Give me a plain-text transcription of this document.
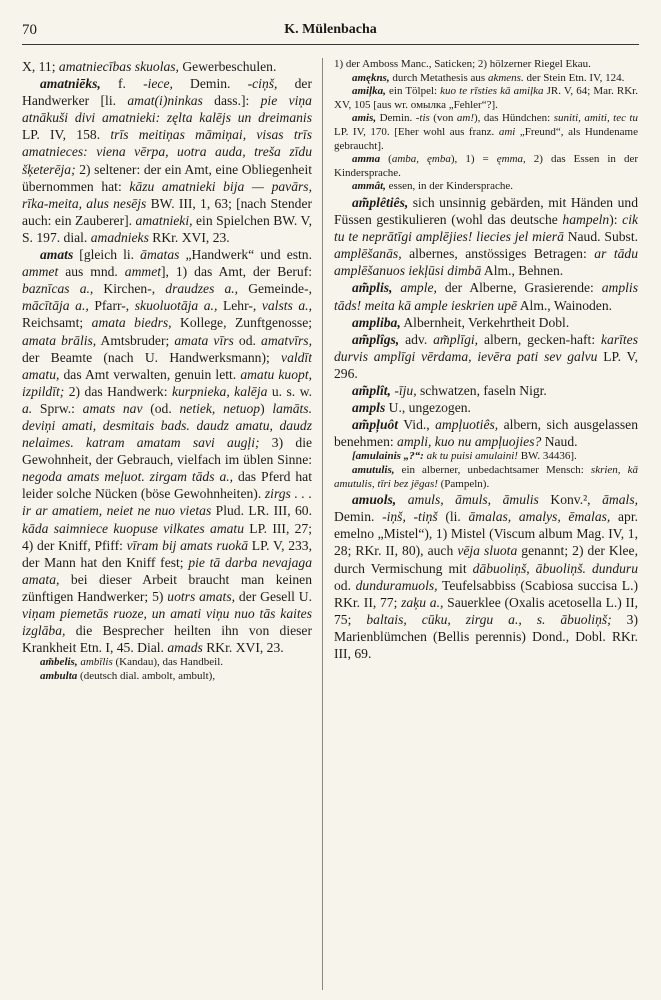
70	K. Mülenbacha

X, 11; amatniecības skuolas, Gewerbeschulen.

amatniēks, f. -iece, Demin. -ciņš, der Handwerker [li. amat(i)ninkas dass.]: pie viņa atnākuši divi amatnieki: zęlta kalējs un dreimanis LP. IV, 158. trīs meitiņas māmiņai, visas trīs amatnieces: viena vērpa, uotra auda, treša zīdu šķeterēja; 2) seltener: der ein Amt, eine Obliegenheit übernommen hat: kāzu amatnieki bija — pavārs, rīka-meita, alus nesējs BW. III, 1, 63; [nach Stender auch: ein Zauberer]. amatnieki, ein Spielchen BW. V, S. 197. dial. amadnieks RKr. XVI, 23.

amats [gleich li. āmatas „Handwerk“ und estn. ammet aus mnd. ammet], 1) das Amt, der Beruf: baznīcas a., Kirchen-, draudzes a., Gemeinde-, mācītāja a., Pfarr-, skuoluotāja a., Lehr-, valsts a., Reichsamt; amata biedrs, Kollege, Zunftgenosse; amata brālis, Amtsbruder; amata vīrs od. amatvīrs, der Beamte (nach U. Handwerksmann); valdīt amatu, das Amt verwalten, genuin lett. amatu kuopt, izpildīt; 2) das Handwerk: kurpnieka, kalēja u. s. w. a. Sprw.: amats nav (od. netiek, netuop) lamāts. deviņi amati, desmitais bads. daudz amatu, daudz nelaimes. katram amatam savi augļi; 3) die Gewohnheit, der Gebrauch, vielfach im üblen Sinne: negoda amats meļuot. zirgam tāds a., das Pferd hat leider solche Nücken (böse Gewohnheiten). zirgs . . . ir ar amatiem, neiet ne nuo vietas Plud. LR. III, 60. kāda saimniece kuopuse vilkates amatu LP. III, 27; 4) der Kniff, Pfiff: vīram bij amats ruokā LP. V, 233, der Mann hat den Kniff fest; pie tā darba nevajaga amata, bei dieser Arbeit braucht man keinen zünftigen Handwerker; 5) uotrs amats, der Gesell U. viņam piemetās ruoze, un amati viņu nuo tās kaites izglāba, die Besprecher heilten ihn von dieser Krankheit Etn. I, 45. Dial. amads RKr. XVI, 23.

am̃belis, ambīlis (Kandau), das Handbeil.

ambulta (deutsch dial. ambolt, ambult),

1) der Amboss Manc., Saticken; 2) hölzerner Riegel Ekau.

amękns, durch Metathesis aus akmens. der Stein Etn. IV, 124.

amiļka, ein Tölpel: kuo te rīsties kā amiļka JR. V, 64; Mar. RKr. XV, 105 [aus wr. омылка „Fehler“?].

amis, Demin. -tis (von am!), das Hündchen: suniti, amiti, tec tu LP. IV, 170. [Eher wohl aus franz. ami „Freund“, als Hundename gebraucht].

amma (amba, ęmba), 1) = ęmma, 2) das Essen in der Kindersprache.

ammât, essen, in der Kindersprache.

am̃plêtiês, sich unsinnig gebärden, mit Händen und Füssen gestikulieren (wohl das deutsche hampeln): cik tu te neprātīgi amplējies! liecies jel mierā Naud. Subst. amplēšanās, albernes, anstössiges Betragen: ar tādu amplēšanuos iekļūsi dimbā Alm., Behnen.

am̃plis, ample, der Alberne, Grasierende: amplis tāds! meita kā ample ieskrien upē Alm., Wainoden.

ampliba, Albernheit, Verkehrtheit Dobl.

am̃plîgs, adv. am̃plīgi, albern, gecken-haft: karītes durvis amplīgi vērdama, ievēra pati sev galvu LP. V, 296.

am̃plît, -īju, schwatzen, faseln Nigr.

ampls U., ungezogen.

am̃pļuôt Vid., ampļuotiês, albern, sich ausgelassen benehmen: ampli, kuo nu ampļuojies? Naud.

[amulainis „?“: ak tu puisi amulaini! BW. 34436].

amutulis, ein alberner, unbedachtsamer Mensch: skrien, kā amutulis, tīri bez jēgas! (Pampeln).

amuols, amuls, āmuls, āmulis Konv.², āmals, Demin. -iņš, -tiņš (li. āmalas, amalys, ēmalas, apr. emelno „Mistel“), 1) Mistel (Viscum album Mag. IV, 1, 28; RKr. II, 80), auch vēja sluota genannt; 2) der Klee, durch Vermischung mit dābuoliņš, ābuoliņš. dunduru od. dunduramuols, Teufelsabbiss (Scabiosa succisa L.) RKr. II, 77; zaķu a., Sauerklee (Oxalis acetosella L.) II, 75; baltais, cūku, zirgu a., s. ābuoliņš; 3) Marienblümchen (Bellis perennis) Dond., Dobl. RKr. III, 69.
